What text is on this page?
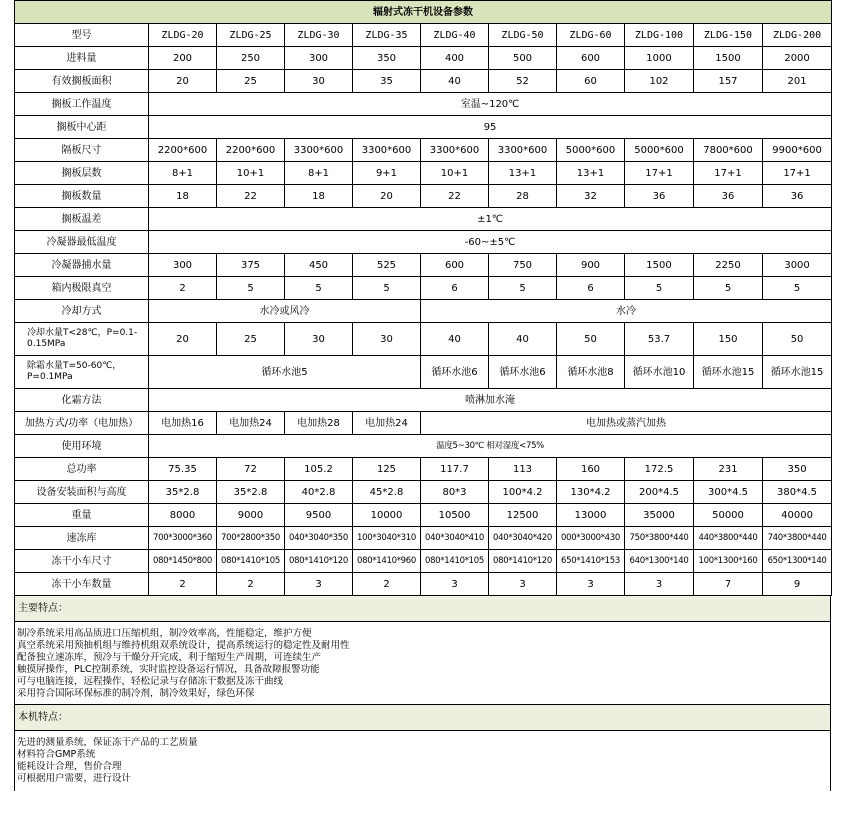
辐射式冻干机设备参数										
型号	ZLDG-20	ZLDG-25	ZLDG-30	ZLDG-35	ZLDG-40	ZLDG-50	ZLDG-60	ZLDG-100	ZLDG-150	ZLDG-200
进料量	200	250	300	350	400	500	600	1000	1500	2000
有效搁板面积	20	25	30	35	40	52	60	102	157	201
搁板工作温度	室温~120℃									
搁板中心距	95									
隔板尺寸	2200*600	2200*600	3300*600	3300*600	3300*600	3300*600	5000*600	5000*600	7800*600	9900*600
搁板层数	8+1	10+1	8+1	9+1	10+1	13+1	13+1	17+1	17+1	17+1
搁板数量	18	22	18	20	22	28	32	36	36	36
搁板温差	±1℃									
冷凝器最低温度	-60~±5℃									
冷凝器捕水量	300	375	450	525	600	750	900	1500	2250	3000
箱内极限真空	2	5	5	5	6	5	6	5	5	5
冷却方式	水冷或风冷				水冷					
冷却水量T<28℃，P=0.1-0.15MPa	20	25	30	30	40	40	50	53.7	150	50
除霜水量T=50-60℃，P=0.1MPa	循环水池5				循环水池6	循环水池6	循环水池8	循环水池10	循环水池15	循环水池15
化霜方法	喷淋加水淹									
加热方式/功率（电加热）	电加热16	电加热24	电加热28	电加热24	电加热或蒸汽加热					
使用环境	温度5~30℃ 相对湿度<75%									
总功率	75.35	72	105.2	125	117.7	113	160	172.5	231	350
设备安装面积与高度	35*2.8	35*2.8	40*2.8	45*2.8	80*3	100*4.2	130*4.2	200*4.5	300*4.5	380*4.5
重量	8000	9000	9500	10000	10500	12500	13000	35000	50000	40000
速冻库	700*3000*360	700*2800*350	040*3040*350	100*3040*310	040*3040*410	040*3040*420	000*3000*430	750*3800*440	440*3800*440	740*3800*440
冻干小车尺寸	080*1450*800	080*1410*105	080*1410*120	080*1410*960	080*1410*105	080*1410*120	650*1410*153	640*1300*140	100*1300*160	650*1300*140
冻干小车数量	2	2	3	2	3	3	3	3	7	9
主要特点：
制冷系统采用高品质进口压缩机组，制冷效率高，性能稳定，维护方便
真空系统采用预抽机组与维持机组双系统设计，提高系统运行的稳定性及耐用性
配备独立速冻库，预冷与干燥分开完成，利于缩短生产周期，可连续生产
触摸屏操作，PLC控制系统，实时监控设备运行情况，具备故障报警功能
可与电脑连接，远程操作，轻松记录与存储冻干数据及冻干曲线
采用符合国际环保标准的制冷剂，制冷效果好，绿色环保
本机特点：
先进的测量系统，保证冻干产品的工艺质量
材料符合GMP系统
能耗设计合理，售价合理
可根据用户需要，进行设计
